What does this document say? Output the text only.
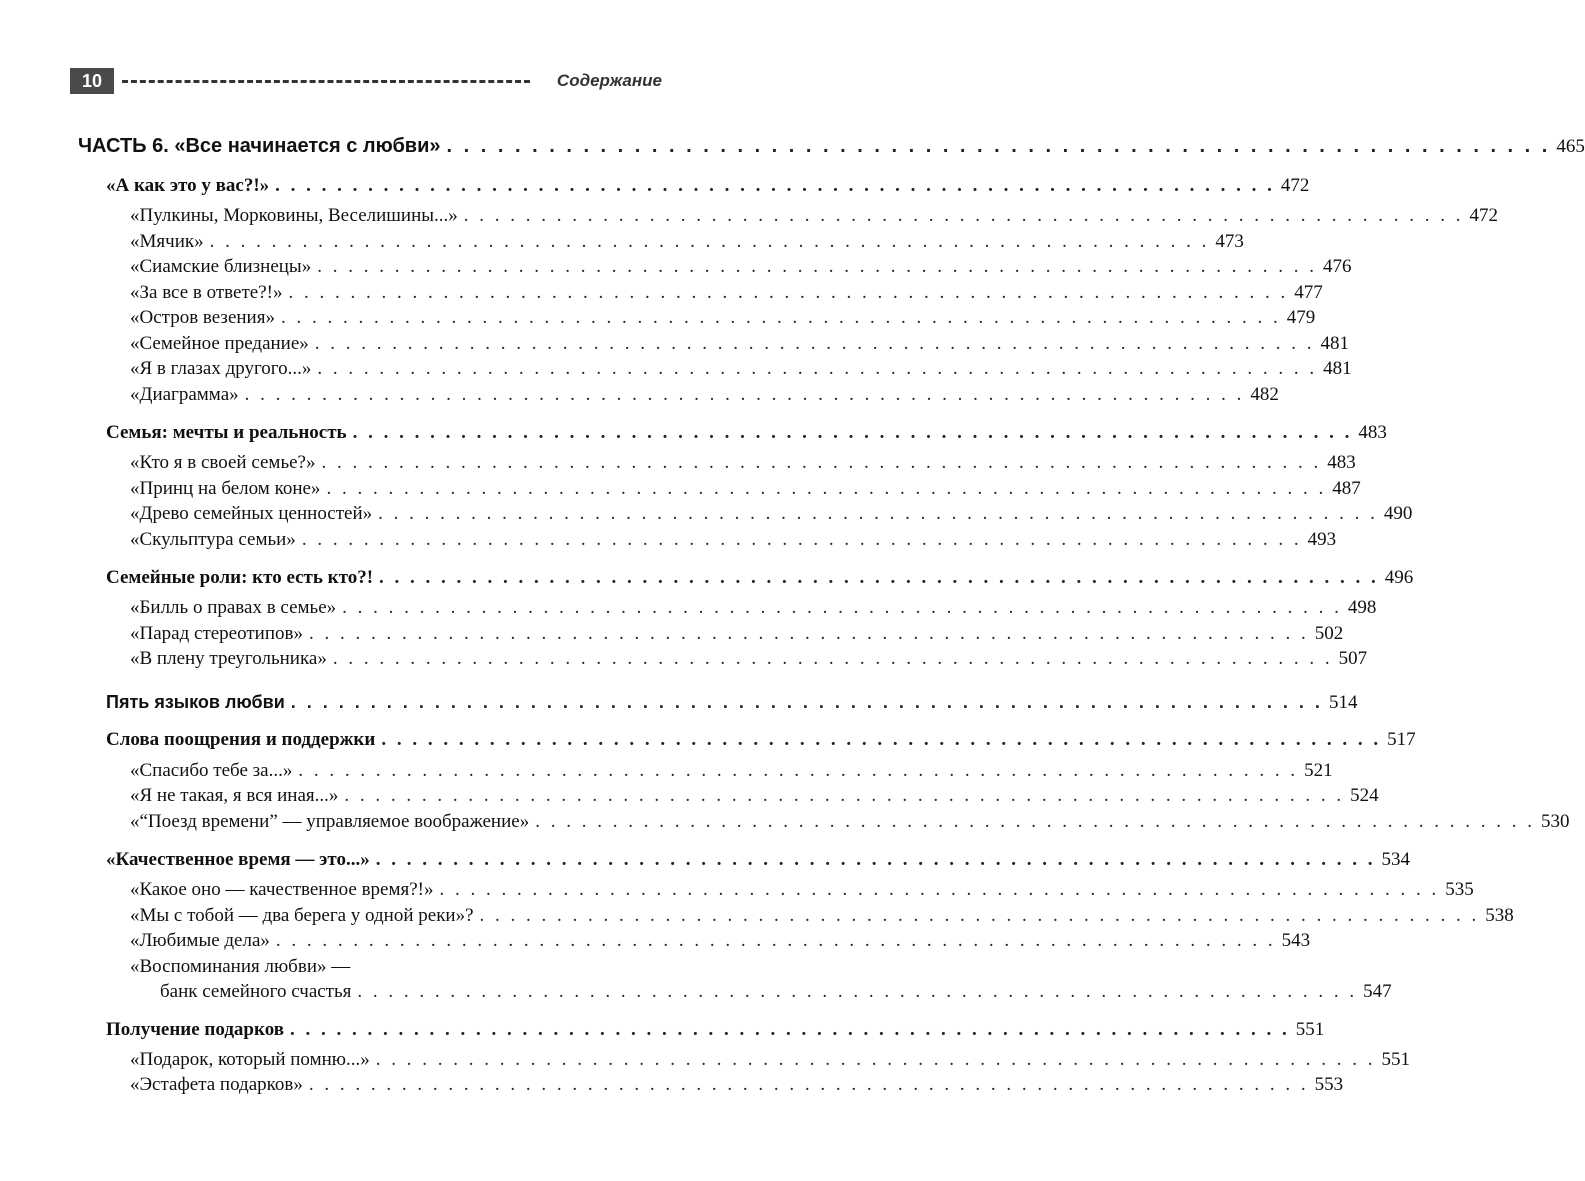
10	Содержание
ЧАСТЬ 6. «Все начинается с любви» . . . . . . . . . . . . . . . . . . . . . . . . . . . . . . . . . . . . . . . . . . . . . . . . . . . . . . . . . . . . . . . . . 465
«А как это у вас?!» . . . . . . . . . . . . . . . . . . . . . . . . . . . . . . . . . . . . . . . . . . . . . . . . . . . . . . . . . . . . . . . . . 472
«Пулкины, Морковины, Веселишины...» . . . . . . . . . . . . . . . . . . . . . . . . . . . . . . . . . . . . . . . . . . . . . . . . . . . . . . . . . . . . . . . . . 472
«Мячик» . . . . . . . . . . . . . . . . . . . . . . . . . . . . . . . . . . . . . . . . . . . . . . . . . . . . . . . . . . . . . . . . . 473
«Сиамские близнецы» . . . . . . . . . . . . . . . . . . . . . . . . . . . . . . . . . . . . . . . . . . . . . . . . . . . . . . . . . . . . . . . . . 476
«За все в ответе?!» . . . . . . . . . . . . . . . . . . . . . . . . . . . . . . . . . . . . . . . . . . . . . . . . . . . . . . . . . . . . . . . . . 477
«Остров везения» . . . . . . . . . . . . . . . . . . . . . . . . . . . . . . . . . . . . . . . . . . . . . . . . . . . . . . . . . . . . . . . . . 479
«Семейное предание» . . . . . . . . . . . . . . . . . . . . . . . . . . . . . . . . . . . . . . . . . . . . . . . . . . . . . . . . . . . . . . . . . 481
«Я в глазах другого...» . . . . . . . . . . . . . . . . . . . . . . . . . . . . . . . . . . . . . . . . . . . . . . . . . . . . . . . . . . . . . . . . . 481
«Диаграмма» . . . . . . . . . . . . . . . . . . . . . . . . . . . . . . . . . . . . . . . . . . . . . . . . . . . . . . . . . . . . . . . . . 482
Семья: мечты и реальность . . . . . . . . . . . . . . . . . . . . . . . . . . . . . . . . . . . . . . . . . . . . . . . . . . . . . . . . . . . . . . . . . 483
«Кто я в своей семье?» . . . . . . . . . . . . . . . . . . . . . . . . . . . . . . . . . . . . . . . . . . . . . . . . . . . . . . . . . . . . . . . . . 483
«Принц на белом коне» . . . . . . . . . . . . . . . . . . . . . . . . . . . . . . . . . . . . . . . . . . . . . . . . . . . . . . . . . . . . . . . . . 487
«Древо семейных ценностей» . . . . . . . . . . . . . . . . . . . . . . . . . . . . . . . . . . . . . . . . . . . . . . . . . . . . . . . . . . . . . . . . . 490
«Скульптура семьи» . . . . . . . . . . . . . . . . . . . . . . . . . . . . . . . . . . . . . . . . . . . . . . . . . . . . . . . . . . . . . . . . . 493
Семейные роли: кто есть кто?! . . . . . . . . . . . . . . . . . . . . . . . . . . . . . . . . . . . . . . . . . . . . . . . . . . . . . . . . . . . . . . . . . 496
«Билль о правах в семье» . . . . . . . . . . . . . . . . . . . . . . . . . . . . . . . . . . . . . . . . . . . . . . . . . . . . . . . . . . . . . . . . . 498
«Парад стереотипов» . . . . . . . . . . . . . . . . . . . . . . . . . . . . . . . . . . . . . . . . . . . . . . . . . . . . . . . . . . . . . . . . . 502
«В плену треугольника» . . . . . . . . . . . . . . . . . . . . . . . . . . . . . . . . . . . . . . . . . . . . . . . . . . . . . . . . . . . . . . . . . 507
Пять языков любви . . . . . . . . . . . . . . . . . . . . . . . . . . . . . . . . . . . . . . . . . . . . . . . . . . . . . . . . . . . . . . . . . 514
Слова поощрения и поддержки . . . . . . . . . . . . . . . . . . . . . . . . . . . . . . . . . . . . . . . . . . . . . . . . . . . . . . . . . . . . . . . . . 517
«Спасибо тебе за...» . . . . . . . . . . . . . . . . . . . . . . . . . . . . . . . . . . . . . . . . . . . . . . . . . . . . . . . . . . . . . . . . . 521
«Я не такая, я вся иная...» . . . . . . . . . . . . . . . . . . . . . . . . . . . . . . . . . . . . . . . . . . . . . . . . . . . . . . . . . . . . . . . . . 524
«“Поезд времени” — управляемое воображение» . . . . . . . . . . . . . . . . . . . . . . . . . . . . . . . . . . . . . . . . . . . . . . . . . . . . . . . . . . . . . . . . . 530
«Качественное время — это...» . . . . . . . . . . . . . . . . . . . . . . . . . . . . . . . . . . . . . . . . . . . . . . . . . . . . . . . . . . . . . . . . . 534
«Какое оно — качественное время?!» . . . . . . . . . . . . . . . . . . . . . . . . . . . . . . . . . . . . . . . . . . . . . . . . . . . . . . . . . . . . . . . . . 535
«Мы с тобой — два берега у одной реки»? . . . . . . . . . . . . . . . . . . . . . . . . . . . . . . . . . . . . . . . . . . . . . . . . . . . . . . . . . . . . . . . . . 538
«Любимые дела» . . . . . . . . . . . . . . . . . . . . . . . . . . . . . . . . . . . . . . . . . . . . . . . . . . . . . . . . . . . . . . . . . 543
«Воспоминания любви» —
банк семейного счастья . . . . . . . . . . . . . . . . . . . . . . . . . . . . . . . . . . . . . . . . . . . . . . . . . . . . . . . . . . . . . . . . . 547
Получение подарков . . . . . . . . . . . . . . . . . . . . . . . . . . . . . . . . . . . . . . . . . . . . . . . . . . . . . . . . . . . . . . . . . 551
«Подарок, который помню...» . . . . . . . . . . . . . . . . . . . . . . . . . . . . . . . . . . . . . . . . . . . . . . . . . . . . . . . . . . . . . . . . . 551
«Эстафета подарков» . . . . . . . . . . . . . . . . . . . . . . . . . . . . . . . . . . . . . . . . . . . . . . . . . . . . . . . . . . . . . . . . . 553
